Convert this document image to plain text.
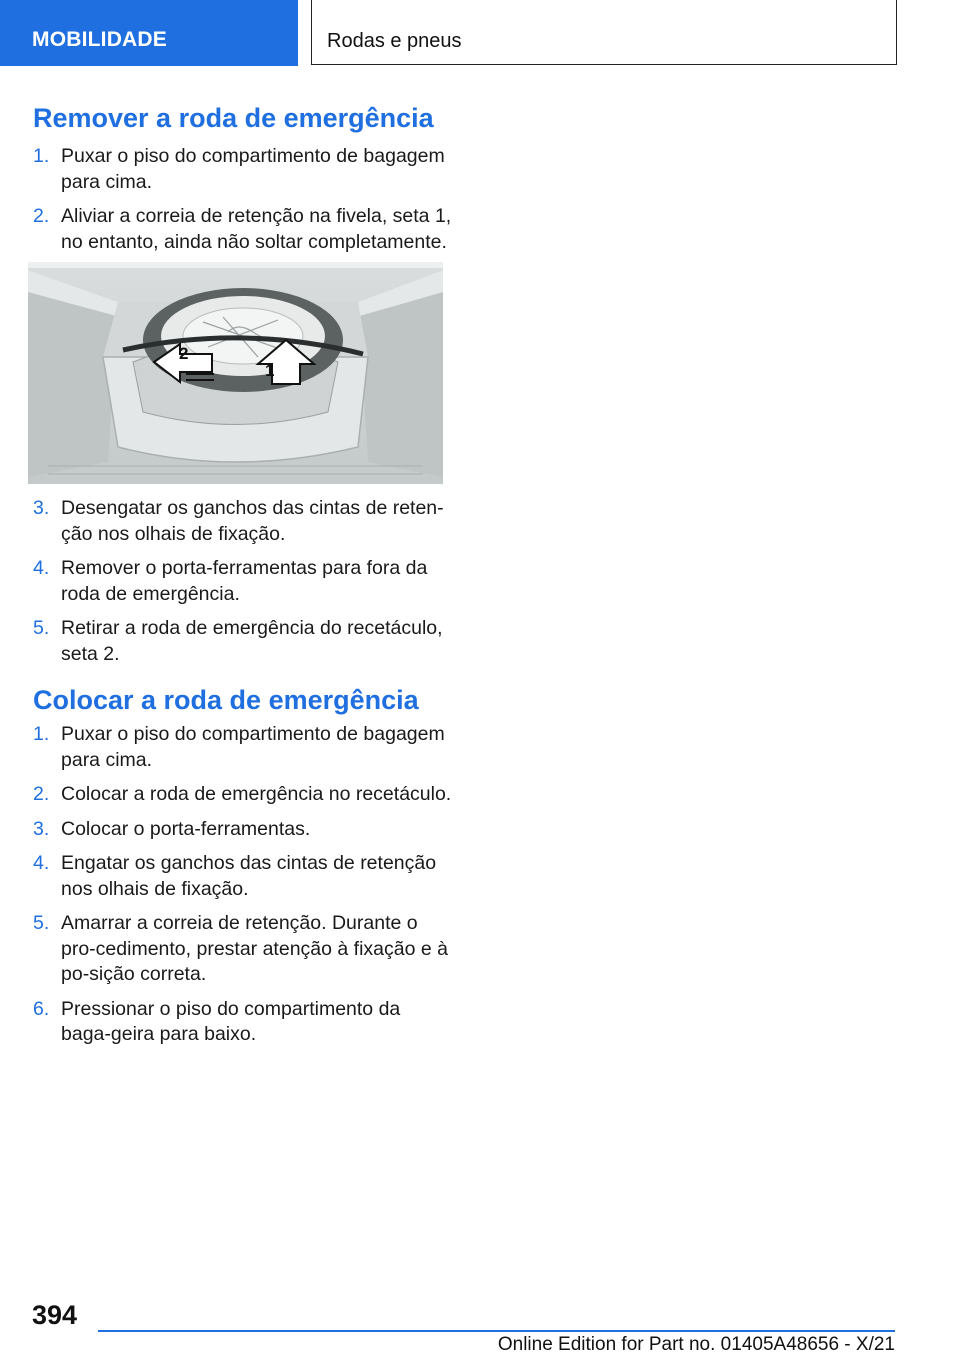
MOBILIDADE	Rodas e pneus
Remover a roda de emergência
1. Puxar o piso do compartimento de bagagem para cima.
2. Aliviar a correia de retenção na fivela, seta 1, no entanto, ainda não soltar completamente.
1
2
3. Desengatar os ganchos das cintas de reten‐ção nos olhais de fixação.
4. Remover o porta-ferramentas para fora da roda de emergência.
5. Retirar a roda de emergência do recetáculo, seta 2.
Colocar a roda de emergência
1. Puxar o piso do compartimento de bagagem para cima.
2. Colocar a roda de emergência no recetáculo.
3. Colocar o porta-ferramentas.
4. Engatar os ganchos das cintas de retenção nos olhais de fixação.
5. Amarrar a correia de retenção. Durante o pro‐cedimento, prestar atenção à fixação e à po‐sição correta.
6. Pressionar o piso do compartimento da baga‐geira para baixo.
394
Online Edition for Part no. 01405A48656 - X/21
